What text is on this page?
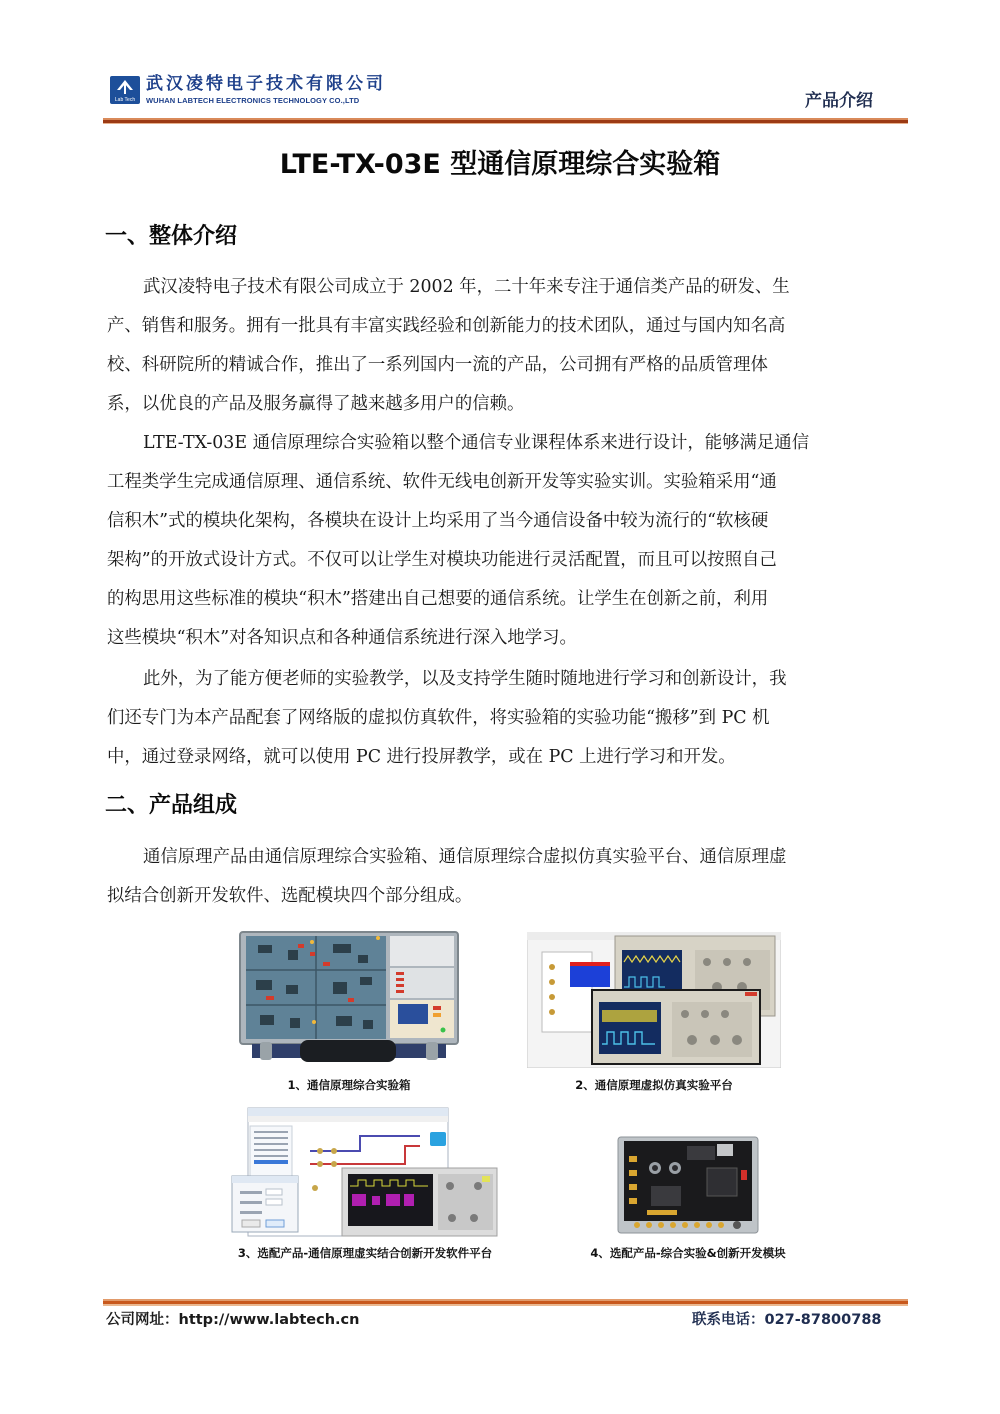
Lab Tech
武汉凌特电子技术有限公司
WUHAN LABTECH ELECTRONICS TECHNOLOGY CO.,LTD	产品介绍
LTE-TX-03E 型通信原理综合实验箱
一、整体介绍
武汉凌特电子技术有限公司成立于 2002 年，二十年来专注于通信类产品的研发、生
产、销售和服务。拥有一批具有丰富实践经验和创新能力的技术团队，通过与国内知名高
校、科研院所的精诚合作，推出了一系列国内一流的产品，公司拥有严格的品质管理体
系，以优良的产品及服务赢得了越来越多用户的信赖。
LTE-TX-03E 通信原理综合实验箱以整个通信专业课程体系来进行设计，能够满足通信
工程类学生完成通信原理、通信系统、软件无线电创新开发等实验实训。实验箱采用“通
信积木”式的模块化架构，各模块在设计上均采用了当今通信设备中较为流行的“软核硬
架构”的开放式设计方式。不仅可以让学生对模块功能进行灵活配置，而且可以按照自己
的构思用这些标准的模块“积木”搭建出自己想要的通信系统。让学生在创新之前，利用
这些模块“积木”对各知识点和各种通信系统进行深入地学习。
此外，为了能方便老师的实验教学，以及支持学生随时随地进行学习和创新设计，我
们还专门为本产品配套了网络版的虚拟仿真软件，将实验箱的实验功能“搬移”到 PC 机
中，通过登录网络，就可以使用 PC 进行投屏教学，或在 PC 上进行学习和开发。
二、产品组成
通信原理产品由通信原理综合实验箱、通信原理综合虚拟仿真实验平台、通信原理虚
拟结合创新开发软件、选配模块四个部分组成。
1、通信原理综合实验箱	2、通信原理虚拟仿真实验平台
3、选配产品-通信原理虚实结合创新开发软件平台	4、选配产品-综合实验&创新开发模块
公司网址：http://www.labtech.cn	联系电话：027-87800788
